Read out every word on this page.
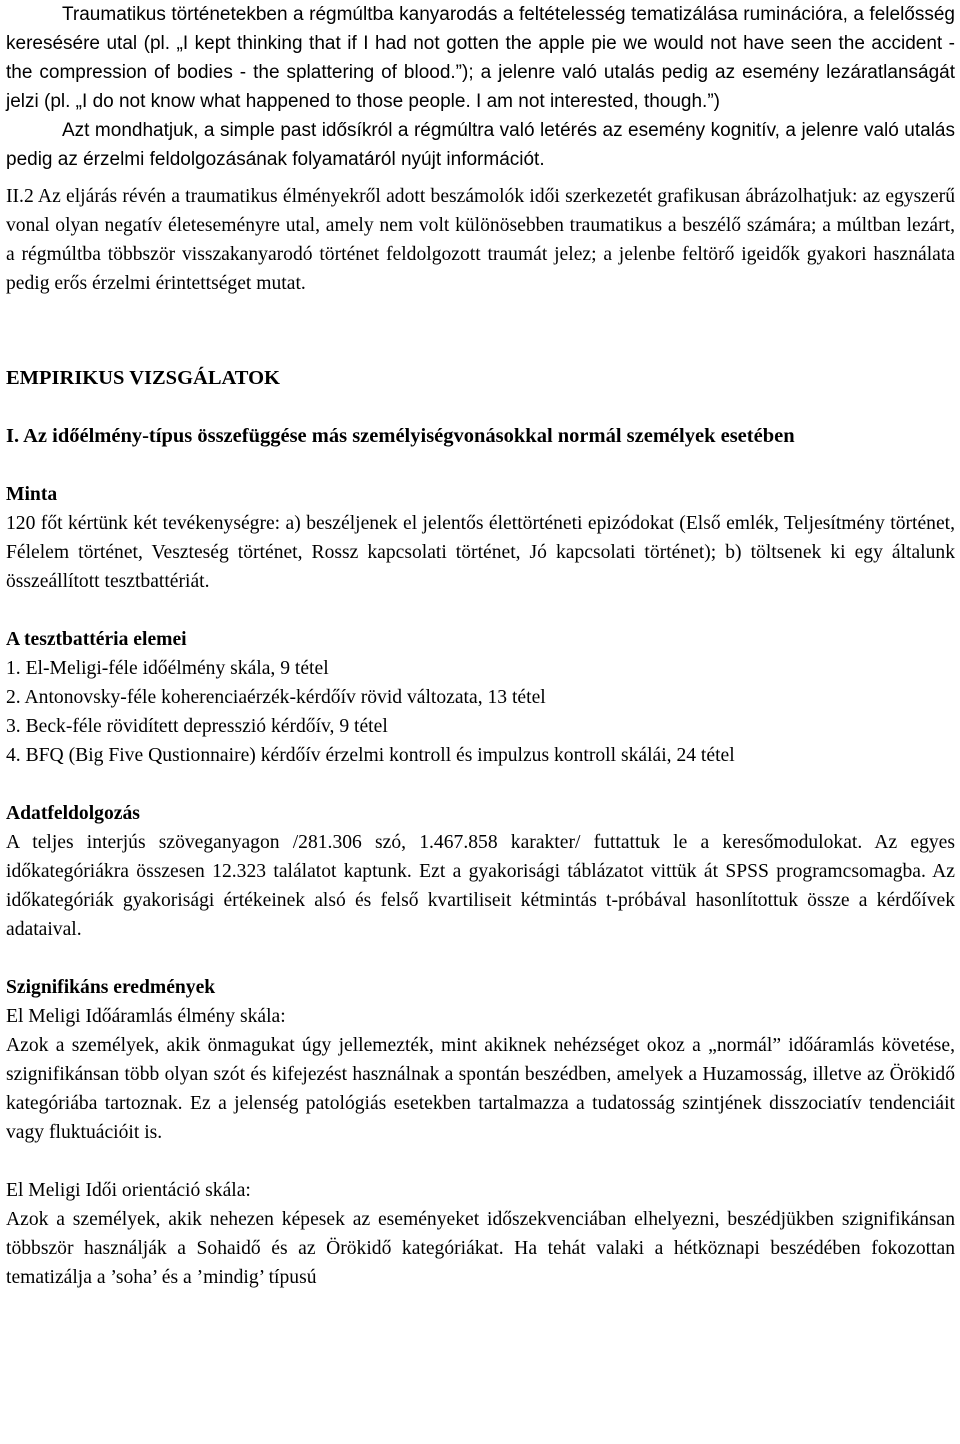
Traumatikus történetekben a régmúltba kanyarodás a feltételesség tematizálása ruminációra, a felelősség keresésére utal (pl. „I kept thinking that if I had not gotten the apple pie we would not have seen the accident - the compression of bodies - the splattering of blood.”); a jelenre való utalás pedig az esemény lezáratlanságát jelzi (pl. „I do not know what happened to those people. I am not interested, though.”)

Azt mondhatjuk, a simple past idősíkról a régmúltra való letérés az esemény kognitív, a jelenre való utalás pedig az érzelmi feldolgozásának folyamatáról nyújt információt.

II.2 Az eljárás révén a traumatikus élményekről adott beszámolók idői szerkezetét grafikusan ábrázolhatjuk: az egyszerű vonal olyan negatív életeseményre utal, amely nem volt különösebben traumatikus a beszélő számára; a múltban lezárt, a régmúltba többször visszakanyarodó történet feldolgozott traumát jelez; a jelenbe feltörő igeidők gyakori használata pedig erős érzelmi érintettséget mutat.

EMPIRIKUS VIZSGÁLATOK

I. Az időélmény-típus összefüggése más személyiségvonásokkal normál személyek esetében

Minta

120 főt kértünk két tevékenységre: a) beszéljenek el jelentős élettörténeti epizódokat (Első emlék, Teljesítmény történet, Félelem történet, Veszteség történet, Rossz kapcsolati történet, Jó kapcsolati történet); b) töltsenek ki egy általunk összeállított tesztbattériát.

A tesztbattéria elemei

1. El-Meligi-féle időélmény skála, 9 tétel

2. Antonovsky-féle koherenciaérzék-kérdőív rövid változata, 13 tétel

3. Beck-féle rövidített depresszió kérdőív, 9 tétel

4. BFQ (Big Five Qustionnaire) kérdőív érzelmi kontroll és impulzus kontroll skálái, 24 tétel

Adatfeldolgozás

A teljes interjús szöveganyagon /281.306 szó, 1.467.858 karakter/ futtattuk le a keresőmodulokat. Az egyes időkategóriákra összesen 12.323 találatot kaptunk. Ezt a gyakorisági táblázatot vittük át SPSS programcsomagba. Az időkategóriák gyakorisági értékeinek alsó és felső kvartiliseit kétmintás t-próbával hasonlítottuk össze a kérdőívek adataival.

Szignifikáns eredmények

El Meligi Időáramlás élmény skála:

Azok a személyek, akik önmagukat úgy jellemezték, mint akiknek nehézséget okoz a „normál” időáramlás követése, szignifikánsan több olyan szót és kifejezést használnak a spontán beszédben, amelyek a Huzamosság, illetve az Örökidő kategóriába tartoznak. Ez a jelenség patológiás esetekben tartalmazza a tudatosság szintjének disszociatív tendenciáit vagy fluktuációit is.

El Meligi Idői orientáció skála:

Azok a személyek, akik nehezen képesek az eseményeket időszekvenciában elhelyezni, beszédjükben szignifikánsan többször használják a Sohaidő és az Örökidő kategóriákat. Ha tehát valaki a hétköznapi beszédében fokozottan tematizálja a ’soha’ és a ’mindig’ típusú
